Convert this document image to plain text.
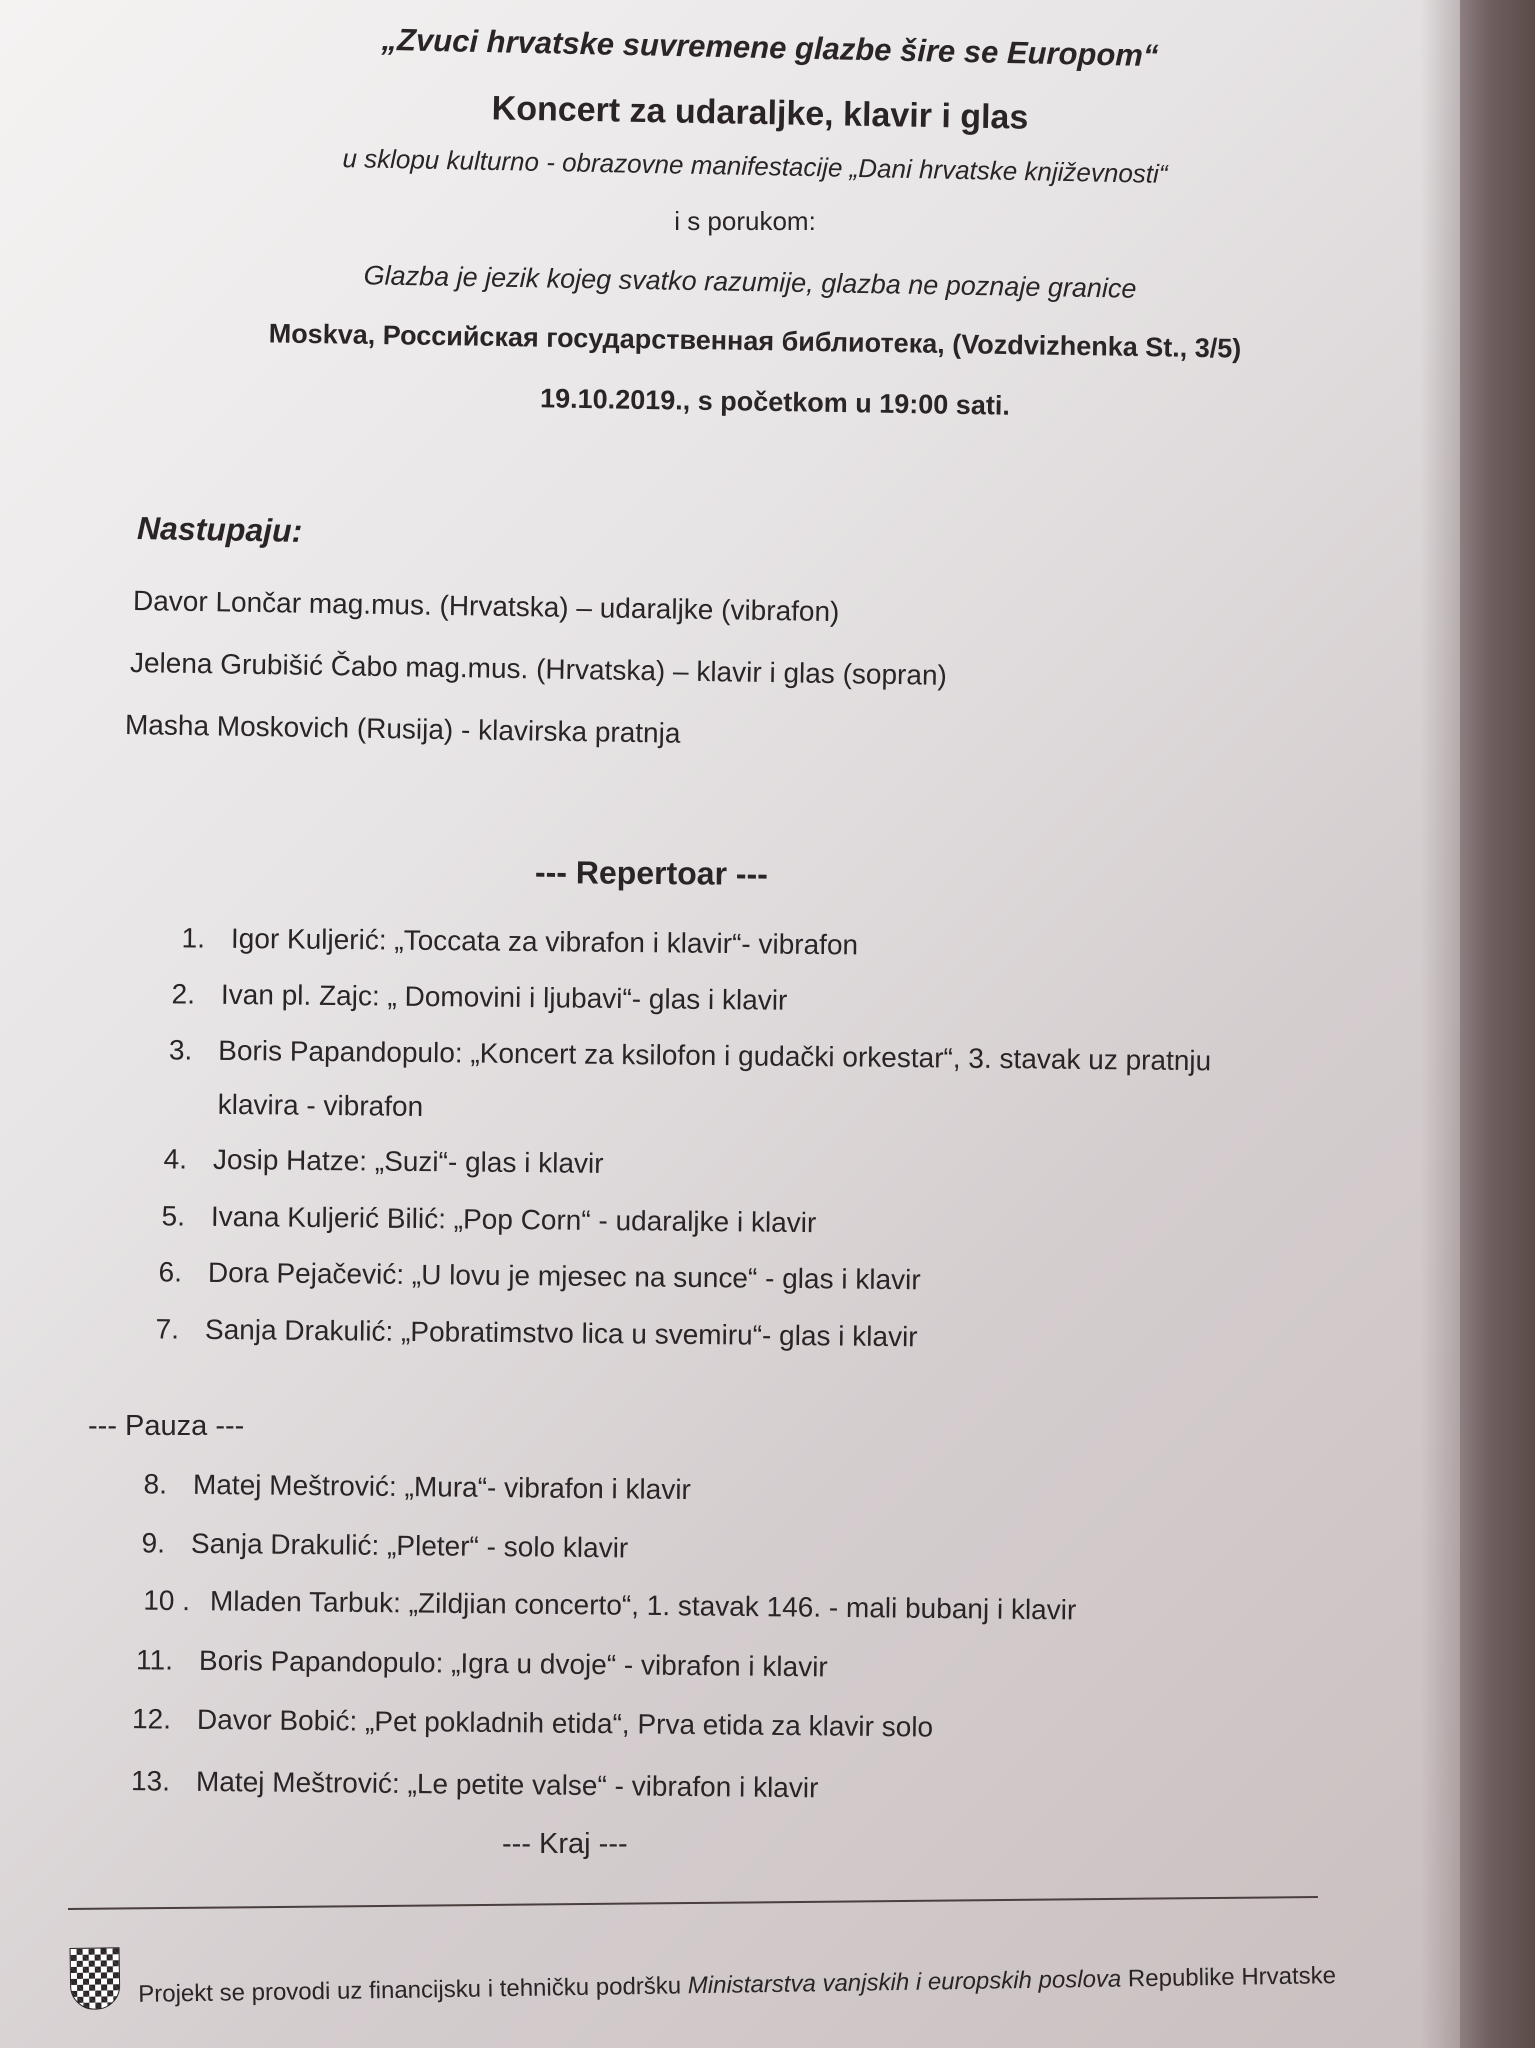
„Zvuci hrvatske suvremene glazbe šire se Europom“
Koncert za udaraljke, klavir i glas
u sklopu kulturno - obrazovne manifestacije „Dani hrvatske književnosti“
i s porukom:
Glazba je jezik kojeg svatko razumije, glazba ne poznaje granice
Moskva, Российская государственная библиотека, (Vozdvizhenka St., 3/5)
19.10.2019., s početkom u 19:00 sati.
Nastupaju:
Davor Lončar mag.mus. (Hrvatska) – udaraljke (vibrafon)
Jelena Grubišić Čabo mag.mus. (Hrvatska) – klavir i glas (sopran)
Masha Moskovich (Rusija) - klavirska pratnja
--- Repertoar ---
1. Igor Kuljerić: „Toccata za vibrafon i klavir“- vibrafon
2. Ivan pl. Zajc: „ Domovini i ljubavi“- glas i klavir
3. Boris Papandopulo: „Koncert za ksilofon i gudački orkestar“, 3. stavak uz pratnju
klavira - vibrafon
4. Josip Hatze: „Suzi“- glas i klavir
5. Ivana Kuljerić Bilić: „Pop Corn“ - udaraljke i klavir
6. Dora Pejačević: „U lovu je mjesec na sunce“ - glas i klavir
7. Sanja Drakulić: „Pobratimstvo lica u svemiru“- glas i klavir
8. Matej Meštrović: „Mura“- vibrafon i klavir
9. Sanja Drakulić: „Pleter“ - solo klavir
10 . Mladen Tarbuk: „Zildjian concerto“, 1. stavak 146. - mali bubanj i klavir
11. Boris Papandopulo: „Igra u dvoje“ - vibrafon i klavir
12. Davor Bobić: „Pet pokladnih etida“, Prva etida za klavir solo
13. Matej Meštrović: „Le petite valse“ - vibrafon i klavir
--- Pauza ---
--- Kraj ---
Projekt se provodi uz financijsku i tehničku podršku Ministarstva vanjskih i europskih poslova Republike Hrvatske
